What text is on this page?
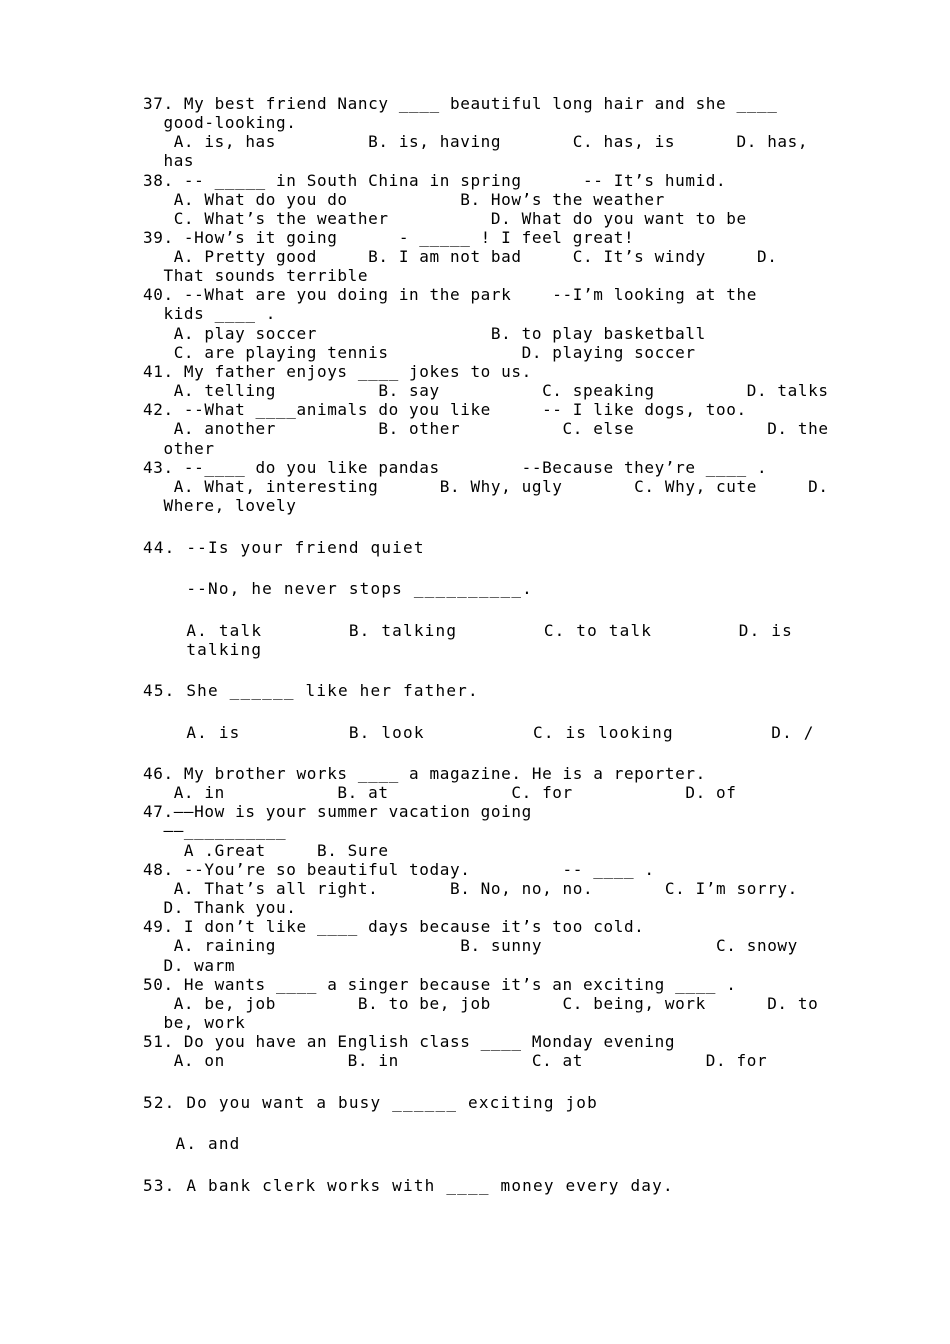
37. My best friend Nancy ____ beautiful long hair and she ____
good-looking.
A. is, has         B. is, having       C. has, is      D. has,
has
38. -- _____ in South China in spring      -- It’s humid.
A. What do you do           B. How’s the weather
C. What’s the weather          D. What do you want to be
39. -How’s it going      - _____ ! I feel great!
A. Pretty good     B. I am not bad     C. It’s windy     D.
That sounds terrible
40. --What are you doing in the park    --I’m looking at the
kids ____ .
A. play soccer                 B. to play basketball
C. are playing tennis             D. playing soccer
41. My father enjoys ____ jokes to us.
A. telling          B. say          C. speaking         D. talks
42. --What ____animals do you like     -- I like dogs, too.
A. another          B. other          C. else             D. the
other
43. --____ do you like pandas        --Because they’re ____ .
A. What, interesting      B. Why, ugly       C. Why, cute     D.
Where, lovely
44. --Is your friend quiet
--No, he never stops __________.
A. talk        B. talking        C. to talk        D. is
talking
45. She ______ like her father.
A. is          B. look          C. is looking         D. /
46. My brother works ____ a magazine. He is a reporter.
A. in           B. at            C. for           D. of
47.——How is your summer vacation going
——__________
A .Great     B. Sure
48. --You’re so beautiful today.         -- ____ .
A. That’s all right.       B. No, no, no.       C. I’m sorry.
D. Thank you.
49. I don’t like ____ days because it’s too cold.
A. raining                  B. sunny                 C. snowy
D. warm
50. He wants ____ a singer because it’s an exciting ____ .
A. be, job        B. to be, job       C. being, work      D. to
be, work
51. Do you have an English class ____ Monday evening
A. on            B. in             C. at            D. for
52. Do you want a busy ______ exciting job
A. and
53. A bank clerk works with ____ money every day.
